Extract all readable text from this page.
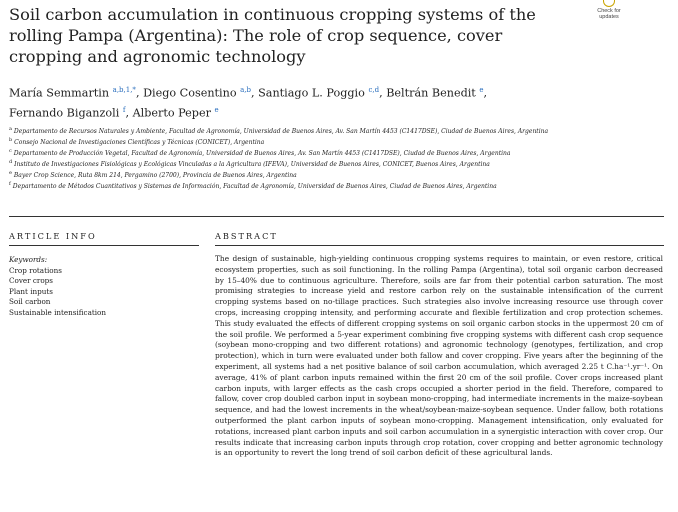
Soil carbon accumulation in continuous cropping systems of the rolling Pampa (Argentina): The role of crop sequence, cover cropping and agronomic technology
Check for
updates
María Semmartin $^{a,b,1,*}$, Diego Cosentino $^{a,b}$, Santiago L. Poggio $^{c,d}$, Beltrán Benedit $^e$,
Fernando Biganzoli $^f$, Alberto Peper $^e$
$^a$ Departamento de Recursos Naturales y Ambiente, Facultad de Agronomía, Universidad de Buenos Aires, Av. San Martín 4453 (C1417DSE), Ciudad de Buenos Aires, Argentina
$^b$ Consejo Nacional de Investigaciones Científicas y Técnicas (CONICET), Argentina
$^c$ Departamento de Producción Vegetal, Facultad de Agronomía, Universidad de Buenos Aires, Av. San Martín 4453 (C1417DSE), Ciudad de Buenos Aires, Argentina
$^d$ Instituto de Investigaciones Fisiológicas y Ecológicas Vinculadas a la Agricultura (IFEVA), Universidad de Buenos Aires, CONICET, Buenos Aires, Argentina
$^e$ Bayer Crop Science, Ruta 8km 214, Pergamino (2700), Provincia de Buenos Aires, Argentina
$^f$ Departamento de Métodos Cuantitativos y Sistemas de Información, Facultad de Agronomía, Universidad de Buenos Aires, Ciudad de Buenos Aires, Argentina
ARTICLE INFO	ABSTRACT
Keywords:
Crop rotations
Cover crops
Plant inputs
Soil carbon
Sustainable intensification
The design of sustainable, high-yielding continuous cropping systems requires to maintain, or even restore, critical ecosystem properties, such as soil functioning. In the rolling Pampa (Argentina), total soil organic carbon decreased by 15–40% due to continuous agriculture. Therefore, soils are far from their potential carbon saturation. The most promising strategies to increase yield and restore carbon rely on the sustainable intensification of the current cropping systems based on no-tillage practices. Such strategies also involve increasing resource use through cover crops, increasing cropping intensity, and performing accurate and flexible fertilization and crop protection schemes. This study evaluated the effects of different cropping systems on soil organic carbon stocks in the uppermost 20 cm of the soil profile. We performed a 5-year experiment combining five cropping systems with different cash crop sequence (soybean mono-cropping and two different rotations) and agronomic technology (genotypes, fertilization, and crop protection), which in turn were evaluated under both fallow and cover cropping. Five years after the beginning of the experiment, all systems had a net positive balance of soil carbon accumulation, which averaged 2.25 t C.ha⁻¹.yr⁻¹. On average, 41% of plant carbon inputs remained within the first 20 cm of the soil profile. Cover crops increased plant carbon inputs, with larger effects as the cash crops occupied a shorter period in the field. Therefore, compared to fallow, cover crop doubled carbon input in soybean mono-cropping, had intermediate increments in the maize-soybean sequence, and had the lowest increments in the wheat/soybean-maize-soybean sequence. Under fallow, both rotations outperformed the plant carbon inputs of soybean mono-cropping. Management intensification, only evaluated for rotations, increased plant carbon inputs and soil carbon accumulation in a synergistic interaction with cover crop. Our results indicate that increasing carbon inputs through crop rotation, cover cropping and better agronomic technology is an opportunity to revert the long trend of soil carbon deficit of these agricultural lands.
